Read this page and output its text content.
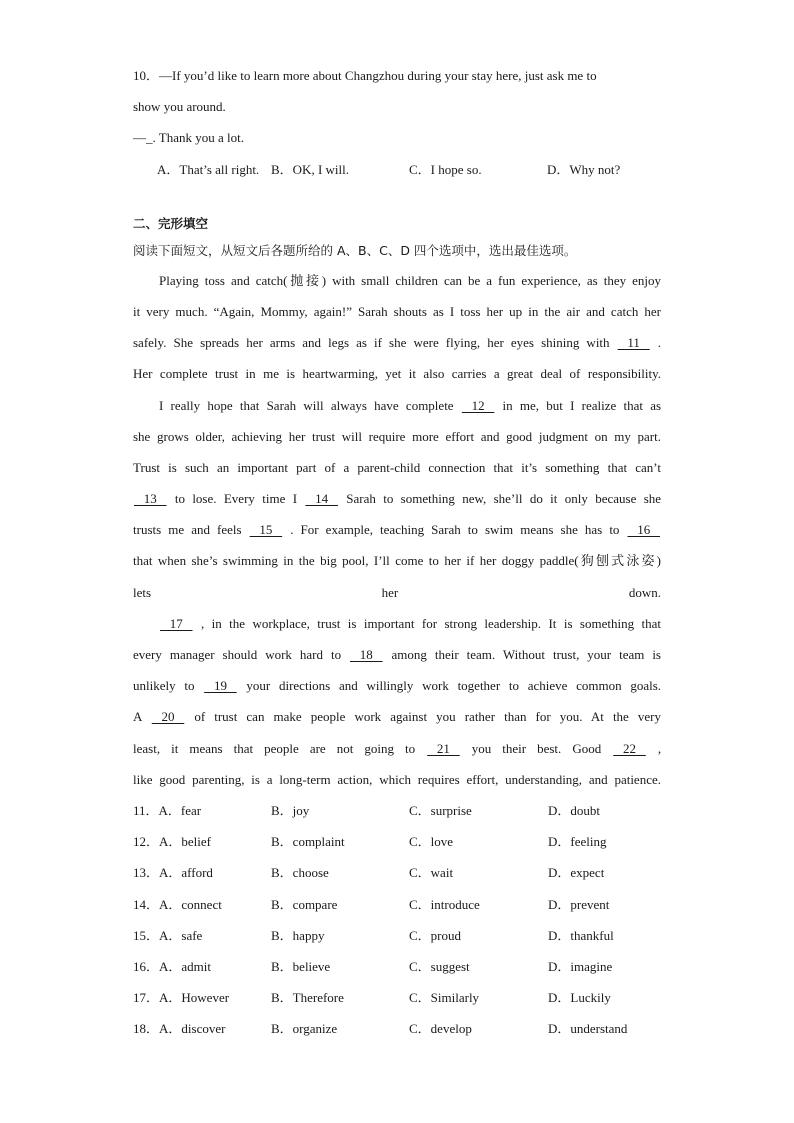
10．—If you’d like to learn more about Changzhou during your stay here, just ask me to
show you around.
—_. Thank you a lot.
A．That’s all right. B．OK, I will.	C．I hope so.	D．Why not?
二、完形填空
阅读下面短文，从短文后各题所给的 A、B、C、D 四个选项中，选出最佳选项。
Playing toss and catch(抛接) with small children can be a fun experience, as they enjoy
it very much. “Again, Mommy, again!” Sarah shouts as I toss her up in the air and catch her
safely. She spreads her arms and legs as if she were flying, her eyes shining with    11    .
Her complete trust in me is heartwarming, yet it also carries a great deal of responsibility.
I really hope that Sarah will always have complete    12    in me, but I realize that as
she grows older, achieving her trust will require more effort and good judgment on my part.
Trust is such an important part of a parent-child connection that it’s something that can’t
13    to lose. Every time I    14    Sarah to something new, she’ll do it only because she
trusts me and feels    15    . For example, teaching Sarah to swim means she has to    16
that when she’s swimming in the big pool, I’ll come to her if her doggy paddle(狗刨式泳姿)
lets her down.
17    , in the workplace, trust is important for strong leadership. It is something that
every manager should work hard to    18    among their team. Without trust, your team is
unlikely to    19    your directions and willingly work together to achieve common goals.
A    20    of trust can make people work against you rather than for you. At the very
least, it means that people are not going to    21    you their best. Good    22    ,
like good parenting, is a long-term action, which requires effort, understanding, and patience.
11．A．fear	B．joy	C．surprise	D．doubt
12．A．belief	B．complaint	C．love	D．feeling
13．A．afford	B．choose	C．wait	D．expect
14．A．connect	B．compare	C．introduce	D．prevent
15．A．safe	B．happy	C．proud	D．thankful
16．A．admit	B．believe	C．suggest	D．imagine
17．A．However	B．Therefore	C．Similarly	D．Luckily
18．A．discover	B．organize	C．develop	D．understand
